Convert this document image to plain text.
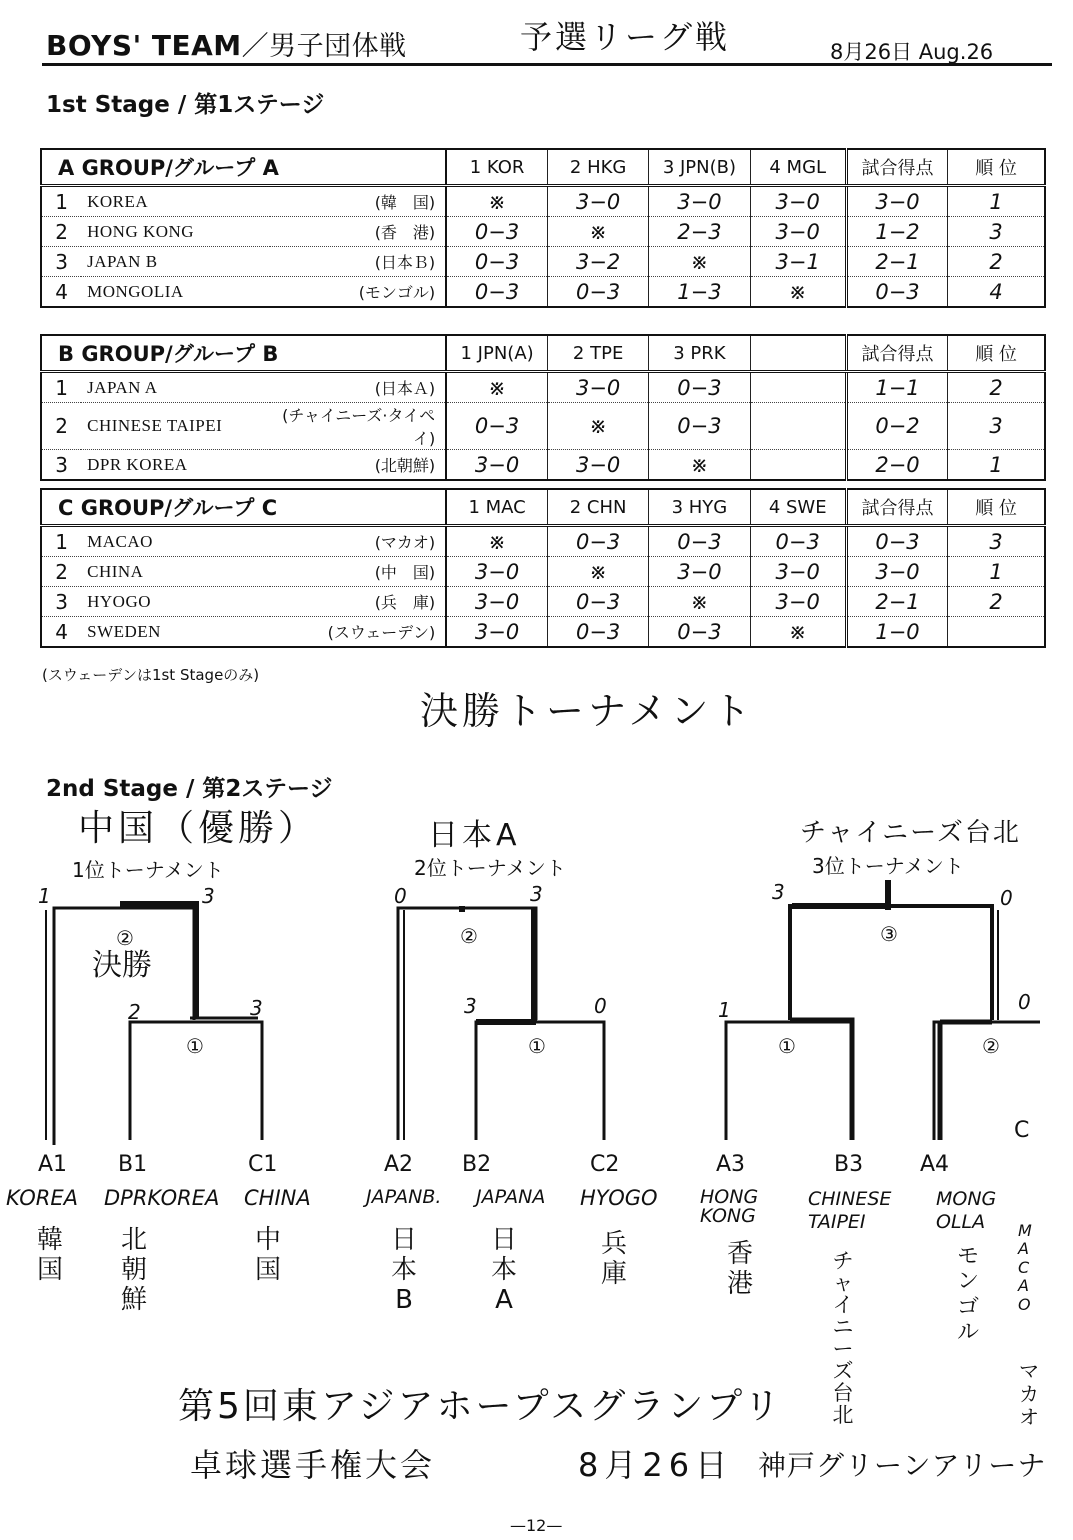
BOYS' TEAM／男子団体戦	予選リーグ戦	8月26日 Aug.26
1st Stage / 第1ステージ
A GROUP/グループ A			1 KOR	2 HKG	3 JPN(B)	4 MGL	試合得点	順 位
1	KOREA	(韓　国)	※	3−0	3−0	3−0	3−0	1
2	HONG KONG	(香　港)	0−3	※	2−3	3−0	1−2	3
3	JAPAN B	(日本Ｂ)	0−3	3−2	※	3−1	2−1	2
4	MONGOLIA	(モンゴル)	0−3	0−3	1−3	※	0−3	4
B GROUP/グループ B			1 JPN(A)	2 TPE	3 PRK		試合得点	順 位
1	JAPAN A	(日本Ａ)	※	3−0	0−3		1−1	2
2	CHINESE TAIPEI	(チャイニーズ·タイペイ)	0−3	※	0−3		0−2	3
3	DPR KOREA	(北朝鮮)	3−0	3−0	※		2−0	1
C GROUP/グループ C			1 MAC	2 CHN	3 HYG	4 SWE	試合得点	順 位
1	MACAO	(マカオ)	※	0−3	0−3	0−3	0−3	3
2	CHINA	(中　国)	3−0	※	3−0	3−0	3−0	1
3	HYOGO	(兵　庫)	3−0	0−3	※	3−0	2−1	2
4	SWEDEN	(スウェーデン)	3−0	0−3	0−3	※	1−0	
(スウェーデンは1st Stageのみ)
決勝トーナメント
2nd Stage / 第2ステージ
中国（優勝）
1位トーナメント
1	3
②
決勝
2	3
①
A1 B1	C1
KOREA DPRKOREA CHINA
韓国
北朝鮮
中国
日本A
2位トーナメント
0	3
②
3	0
①
A2 B2	C2
JAPANB. JAPANA HYOGO
日本B
日本A
兵庫
チャイニーズ台北
3位トーナメント
3	0
③
1	0
①	②
A3	B3	A4
C
HONG KONG
CHINESE TAIPEI
MONG OLLA	MACAO
香港
チャイニーズ台北
モンゴル
マカオ
第5回東アジアホープスグランプリ
卓球選手権大会	8月26日 神戸グリーンアリーナ
—12—
